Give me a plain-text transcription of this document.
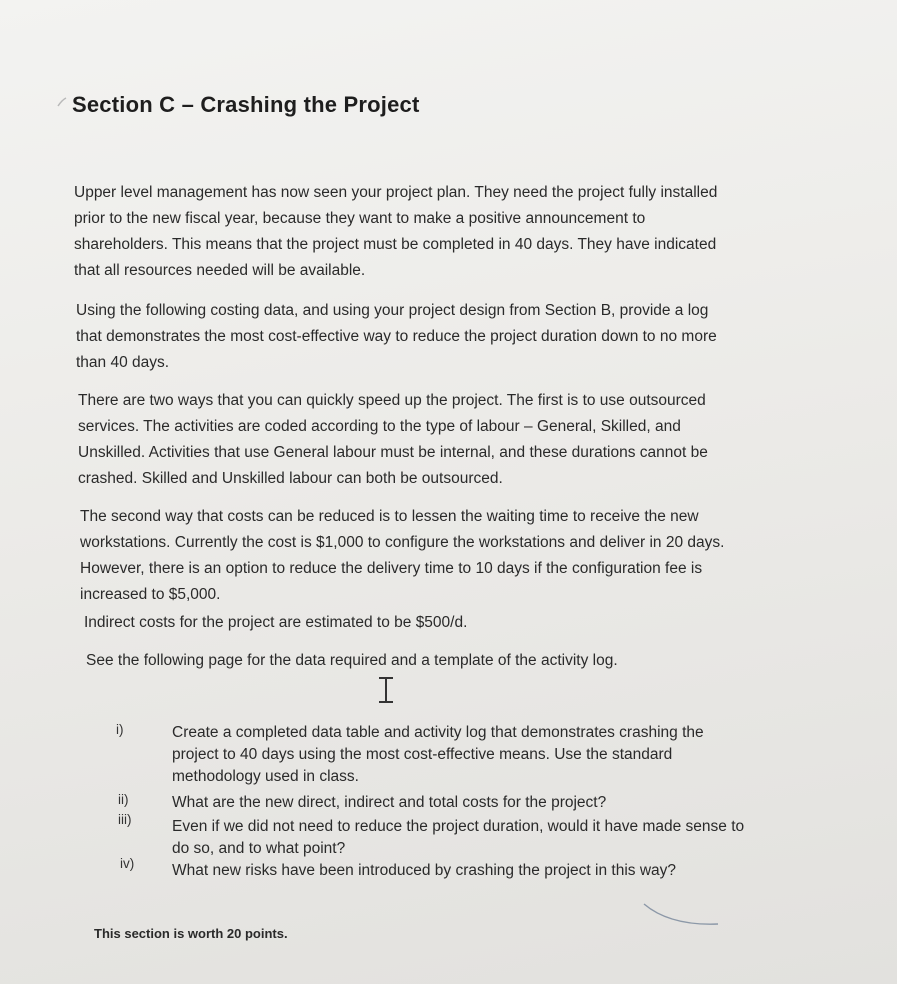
Section C – Crashing the Project

Upper level management has now seen your project plan. They need the project fully installed
prior to the new fiscal year, because they want to make a positive announcement to
shareholders. This means that the project must be completed in 40 days. They have indicated
that all resources needed will be available.

Using the following costing data, and using your project design from Section B, provide a log
that demonstrates the most cost-effective way to reduce the project duration down to no more
than 40 days.

There are two ways that you can quickly speed up the project. The first is to use outsourced
services. The activities are coded according to the type of labour – General, Skilled, and
Unskilled. Activities that use General labour must be internal, and these durations cannot be
crashed. Skilled and Unskilled labour can both be outsourced.

The second way that costs can be reduced is to lessen the waiting time to receive the new
workstations. Currently the cost is $1,000 to configure the workstations and deliver in 20 days.
However, there is an option to reduce the delivery time to 10 days if the configuration fee is
increased to $5,000.

Indirect costs for the project are estimated to be $500/d.

See the following page for the data required and a template of the activity log.

i)	Create a completed data table and activity log that demonstrates crashing the
project to 40 days using the most cost-effective means. Use the standard
methodology used in class.

ii)	What are the new direct, indirect and total costs for the project?

iii)	Even if we did not need to reduce the project duration, would it have made sense to
do so, and to what point?

iv)	What new risks have been introduced by crashing the project in this way?

This section is worth 20 points.
